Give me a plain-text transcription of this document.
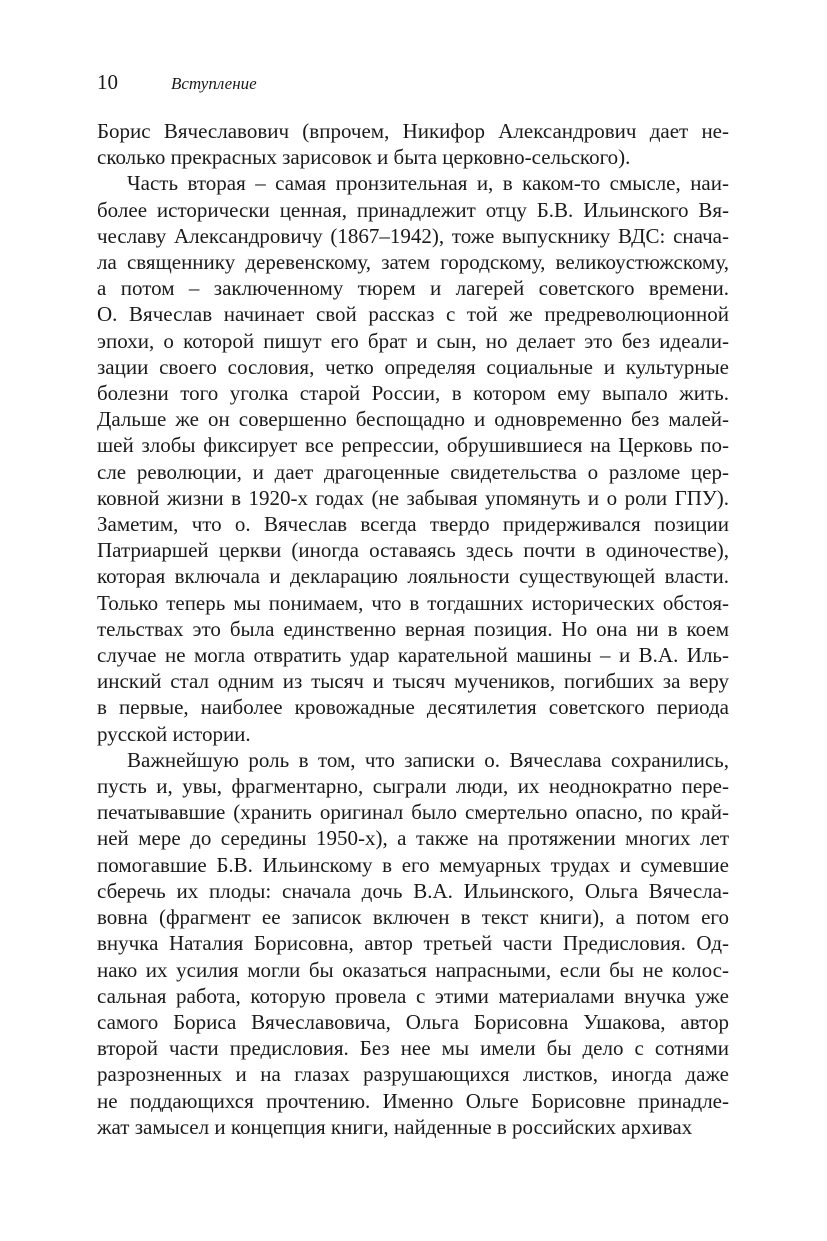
10	Вступление
Борис Вячеславович (впрочем, Никифор Александрович дает не-
сколько прекрасных зарисовок и быта церковно-сельского).
Часть вторая – самая пронзительная и, в каком-то смысле, наи-
более исторически ценная, принадлежит отцу Б.В. Ильинского Вя-
чеславу Александровичу (1867–1942), тоже выпускнику ВДС: снача-
ла священнику деревенскому, затем городскому, великоустюжскому,
а потом – заключенному тюрем и лагерей советского времени.
О. Вячеслав начинает свой рассказ с той же предреволюционной
эпохи, о которой пишут его брат и сын, но делает это без идеали-
зации своего сословия, четко определяя социальные и культурные
болезни того уголка старой России, в котором ему выпало жить.
Дальше же он совершенно беспощадно и одновременно без малей-
шей злобы фиксирует все репрессии, обрушившиеся на Церковь по-
сле революции, и дает драгоценные свидетельства о разломе цер-
ковной жизни в 1920-х годах (не забывая упомянуть и о роли ГПУ).
Заметим, что о. Вячеслав всегда твердо придерживался позиции
Патриаршей церкви (иногда оставаясь здесь почти в одиночестве),
которая включала и декларацию лояльности существующей власти.
Только теперь мы понимаем, что в тогдашних исторических обстоя-
тельствах это была единственно верная позиция. Но она ни в коем
случае не могла отвратить удар карательной машины – и В.А. Иль-
инский стал одним из тысяч и тысяч мучеников, погибших за веру
в первые, наиболее кровожадные десятилетия советского периода
русской истории.
Важнейшую роль в том, что записки о. Вячеслава сохранились,
пусть и, увы, фрагментарно, сыграли люди, их неоднократно пере-
печатывавшие (хранить оригинал было смертельно опасно, по край-
ней мере до середины 1950-х), а также на протяжении многих лет
помогавшие Б.В. Ильинскому в его мемуарных трудах и сумевшие
сберечь их плоды: сначала дочь В.А. Ильинского, Ольга Вячесла-
вовна (фрагмент ее записок включен в текст книги), а потом его
внучка Наталия Борисовна, автор третьей части Предисловия. Од-
нако их усилия могли бы оказаться напрасными, если бы не колос-
сальная работа, которую провела с этими материалами внучка уже
самого Бориса Вячеславовича, Ольга Борисовна Ушакова, автор
второй части предисловия. Без нее мы имели бы дело с сотнями
разрозненных и на глазах разрушающихся листков, иногда даже
не поддающихся прочтению. Именно Ольге Борисовне принадле-
жат замысел и концепция книги, найденные в российских архивах
